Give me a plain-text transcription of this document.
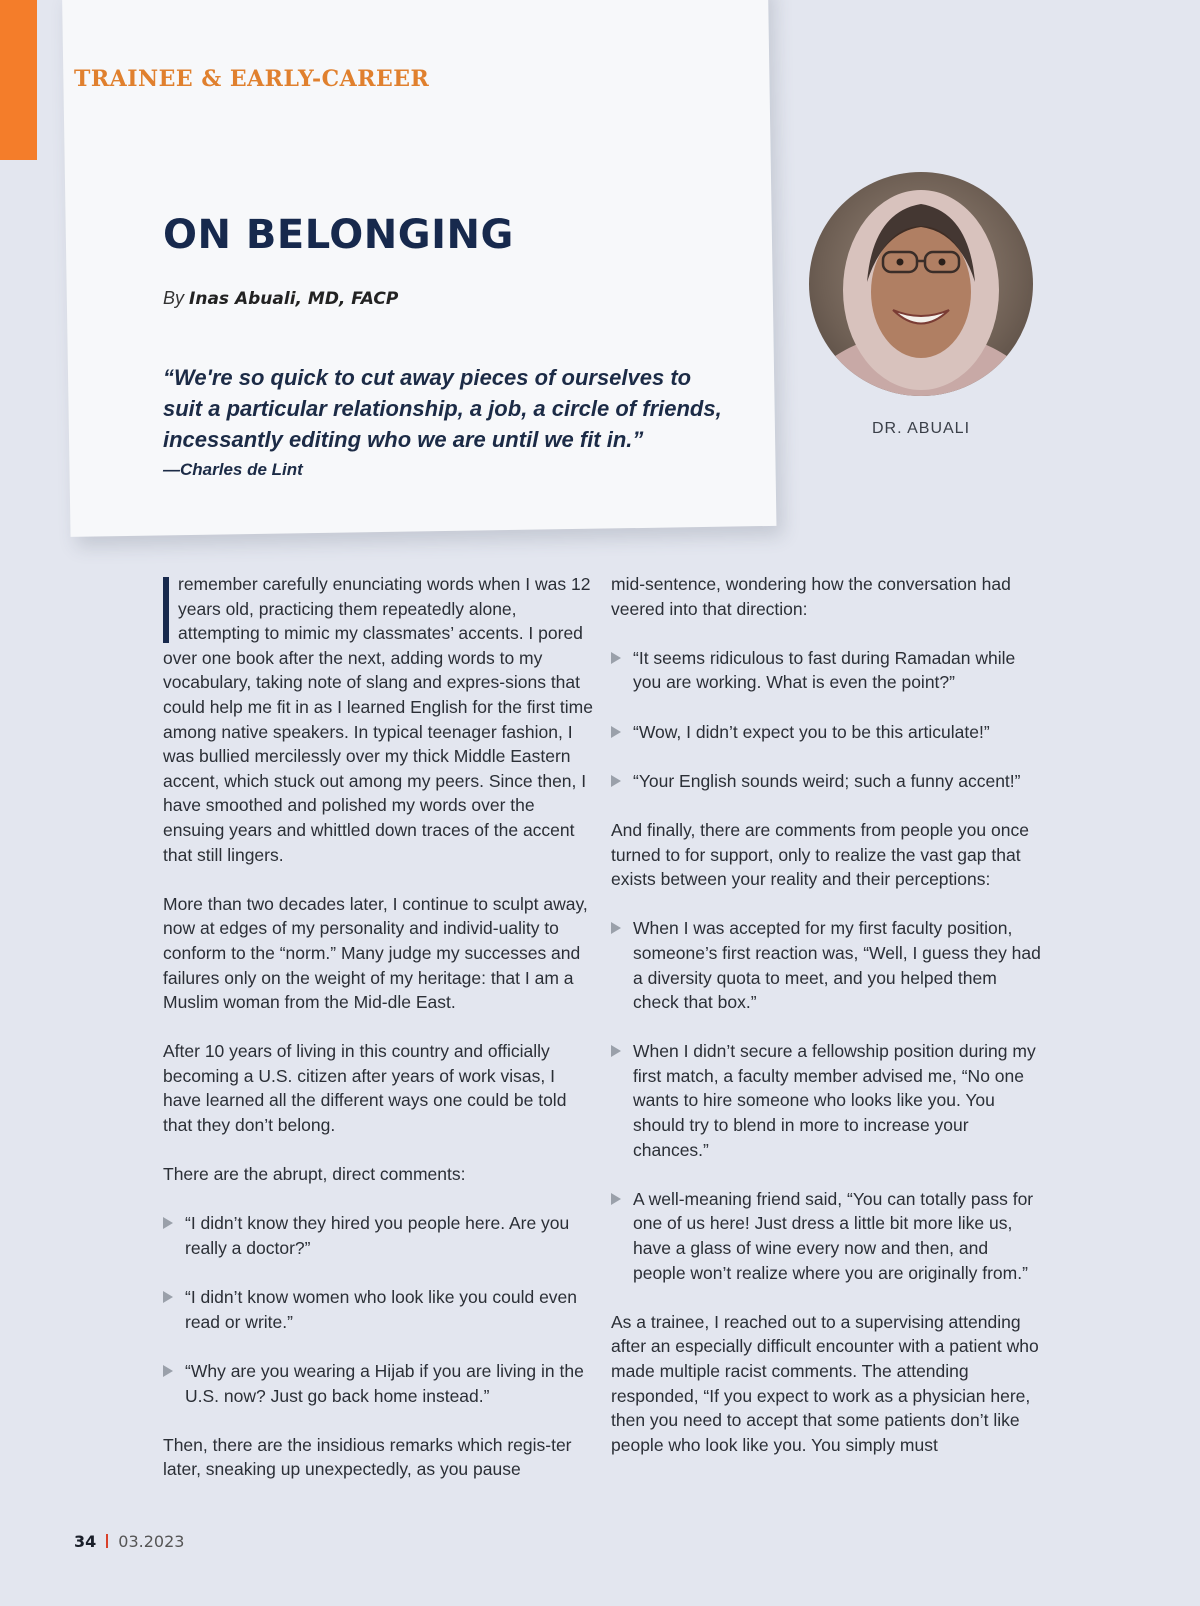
TRAINEE & EARLY-CAREER
ON BELONGING
By Inas Abuali, MD, FACP
“We're so quick to cut away pieces of ourselves to suit a particular relationship, a job, a circle of friends, incessantly editing who we are until we fit in.”
—Charles de Lint
DR. ABUALI

remember carefully enunciating words when I was 12 years old, practicing them repeatedly alone, attempting to mimic my classmates’ accents. I pored over one book after the next, adding words to my vocabulary, taking note of slang and expres-sions that could help me fit in as I learned English for the first time among native speakers. In typical teenager fashion, I was bullied mercilessly over my thick Middle Eastern accent, which stuck out among my peers. Since then, I have smoothed and polished my words over the ensuing years and whittled down traces of the accent that still lingers.

More than two decades later, I continue to sculpt away, now at edges of my personality and individ-uality to conform to the “norm.” Many judge my successes and failures only on the weight of my heritage: that I am a Muslim woman from the Mid-dle East.

After 10 years of living in this country and officially becoming a U.S. citizen after years of work visas, I have learned all the different ways one could be told that they don’t belong.

There are the abrupt, direct comments:

“I didn’t know they hired you people here. Are you really a doctor?”
“I didn’t know women who look like you could even read or write.”
“Why are you wearing a Hijab if you are living in the U.S. now? Just go back home instead.”

Then, there are the insidious remarks which regis-ter later, sneaking up unexpectedly, as you pause

mid-sentence, wondering how the conversation had veered into that direction:

“It seems ridiculous to fast during Ramadan while you are working. What is even the point?”
“Wow, I didn’t expect you to be this articulate!”
“Your English sounds weird; such a funny accent!”

And finally, there are comments from people you once turned to for support, only to realize the vast gap that exists between your reality and their perceptions:

When I was accepted for my first faculty position, someone’s first reaction was, “Well, I guess they had a diversity quota to meet, and you helped them check that box.”
When I didn’t secure a fellowship position during my first match, a faculty member advised me, “No one wants to hire someone who looks like you. You should try to blend in more to increase your chances.”
A well-meaning friend said, “You can totally pass for one of us here! Just dress a little bit more like us, have a glass of wine every now and then, and people won’t realize where you are originally from.”

As a trainee, I reached out to a supervising attending after an especially difficult encounter with a patient who made multiple racist comments. The attending responded, “If you expect to work as a physician here, then you need to accept that some patients don’t like people who look like you. You simply must

34 03.2023
